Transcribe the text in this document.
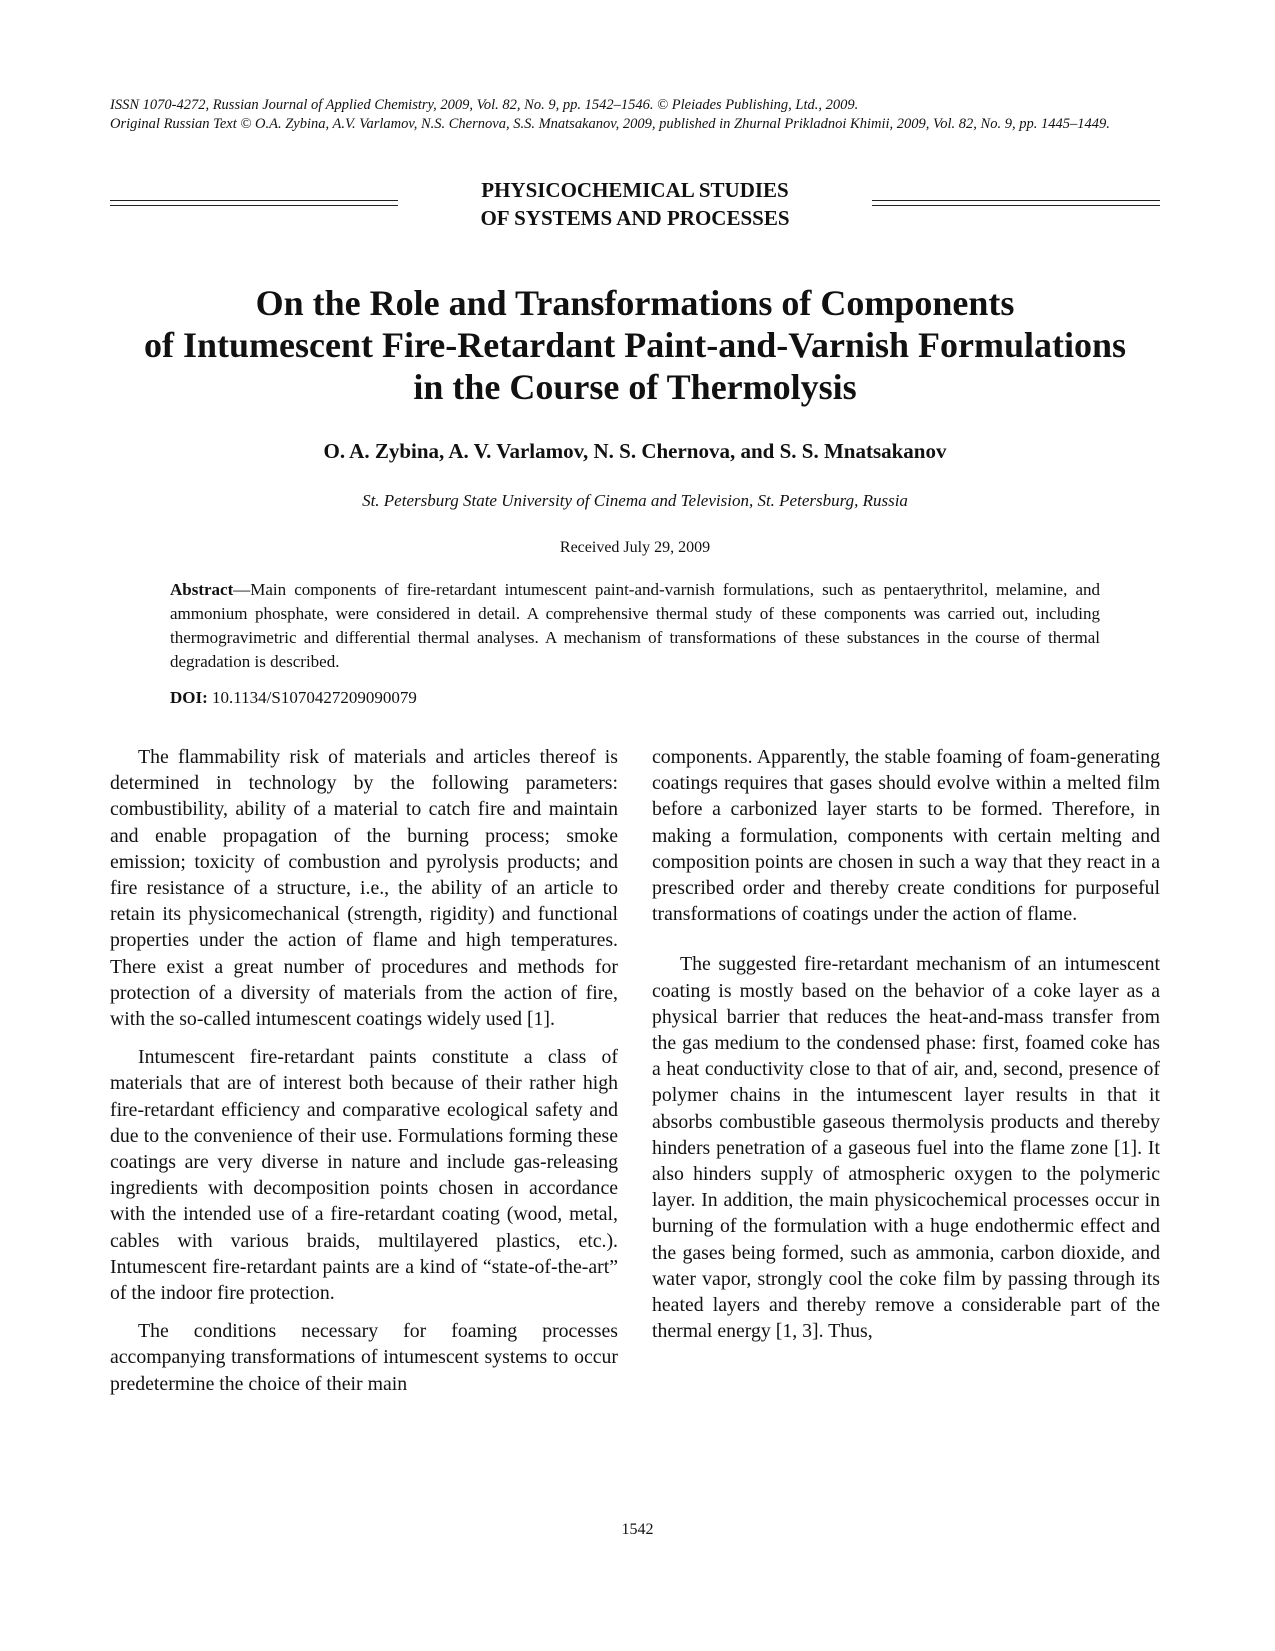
ISSN 1070-4272, Russian Journal of Applied Chemistry, 2009, Vol. 82, No. 9, pp. 1542–1546. © Pleiades Publishing, Ltd., 2009.
Original Russian Text © O.A. Zybina, A.V. Varlamov, N.S. Chernova, S.S. Mnatsakanov, 2009, published in Zhurnal Prikladnoi Khimii, 2009, Vol. 82, No. 9, pp. 1445–1449.
PHYSICOCHEMICAL STUDIES
OF SYSTEMS AND PROCESSES
On the Role and Transformations of Components
of Intumescent Fire-Retardant Paint-and-Varnish Formulations
in the Course of Thermolysis
O. A. Zybina, A. V. Varlamov, N. S. Chernova, and S. S. Mnatsakanov
St. Petersburg State University of Cinema and Television, St. Petersburg, Russia
Received July 29, 2009

Abstract—Main components of fire-retardant intumescent paint-and-varnish formulations, such as pentaerythritol, melamine, and ammonium phosphate, were considered in detail. A comprehensive thermal study of these components was carried out, including thermogravimetric and differential thermal analyses. A mechanism of transformations of these substances in the course of thermal degradation is described.

DOI: 10.1134/S1070427209090079

The flammability risk of materials and articles thereof is determined in technology by the following parameters: combustibility, ability of a material to catch fire and maintain and enable propagation of the burning process; smoke emission; toxicity of combustion and pyrolysis products; and fire resistance of a structure, i.e., the ability of an article to retain its physicomechanical (strength, rigidity) and functional properties under the action of flame and high temperatures. There exist a great number of procedures and methods for protection of a diversity of materials from the action of fire, with the so-called intumescent coatings widely used [1].

Intumescent fire-retardant paints constitute a class of materials that are of interest both because of their rather high fire-retardant efficiency and comparative ecological safety and due to the convenience of their use. Formulations forming these coatings are very diverse in nature and include gas-releasing ingredients with decomposition points chosen in accordance with the intended use of a fire-retardant coating (wood, metal, cables with various braids, multilayered plastics, etc.). Intumescent fire-retardant paints are a kind of “state-of-the-art” of the indoor fire protection.

The conditions necessary for foaming processes accompanying transformations of intumescent systems to occur predetermine the choice of their main

components. Apparently, the stable foaming of foam-generating coatings requires that gases should evolve within a melted film before a carbonized layer starts to be formed. Therefore, in making a formulation, components with certain melting and composition points are chosen in such a way that they react in a prescribed order and thereby create conditions for purposeful transformations of coatings under the action of flame.

The suggested fire-retardant mechanism of an intumescent coating is mostly based on the behavior of a coke layer as a physical barrier that reduces the heat-and-mass transfer from the gas medium to the condensed phase: first, foamed coke has a heat conductivity close to that of air, and, second, presence of polymer chains in the intumescent layer results in that it absorbs combustible gaseous thermolysis products and thereby hinders penetration of a gaseous fuel into the flame zone [1]. It also hinders supply of atmospheric oxygen to the polymeric layer. In addition, the main physicochemical processes occur in burning of the formulation with a huge endothermic effect and the gases being formed, such as ammonia, carbon dioxide, and water vapor, strongly cool the coke film by passing through its heated layers and thereby remove a considerable part of the thermal energy [1, 3]. Thus,

1542
